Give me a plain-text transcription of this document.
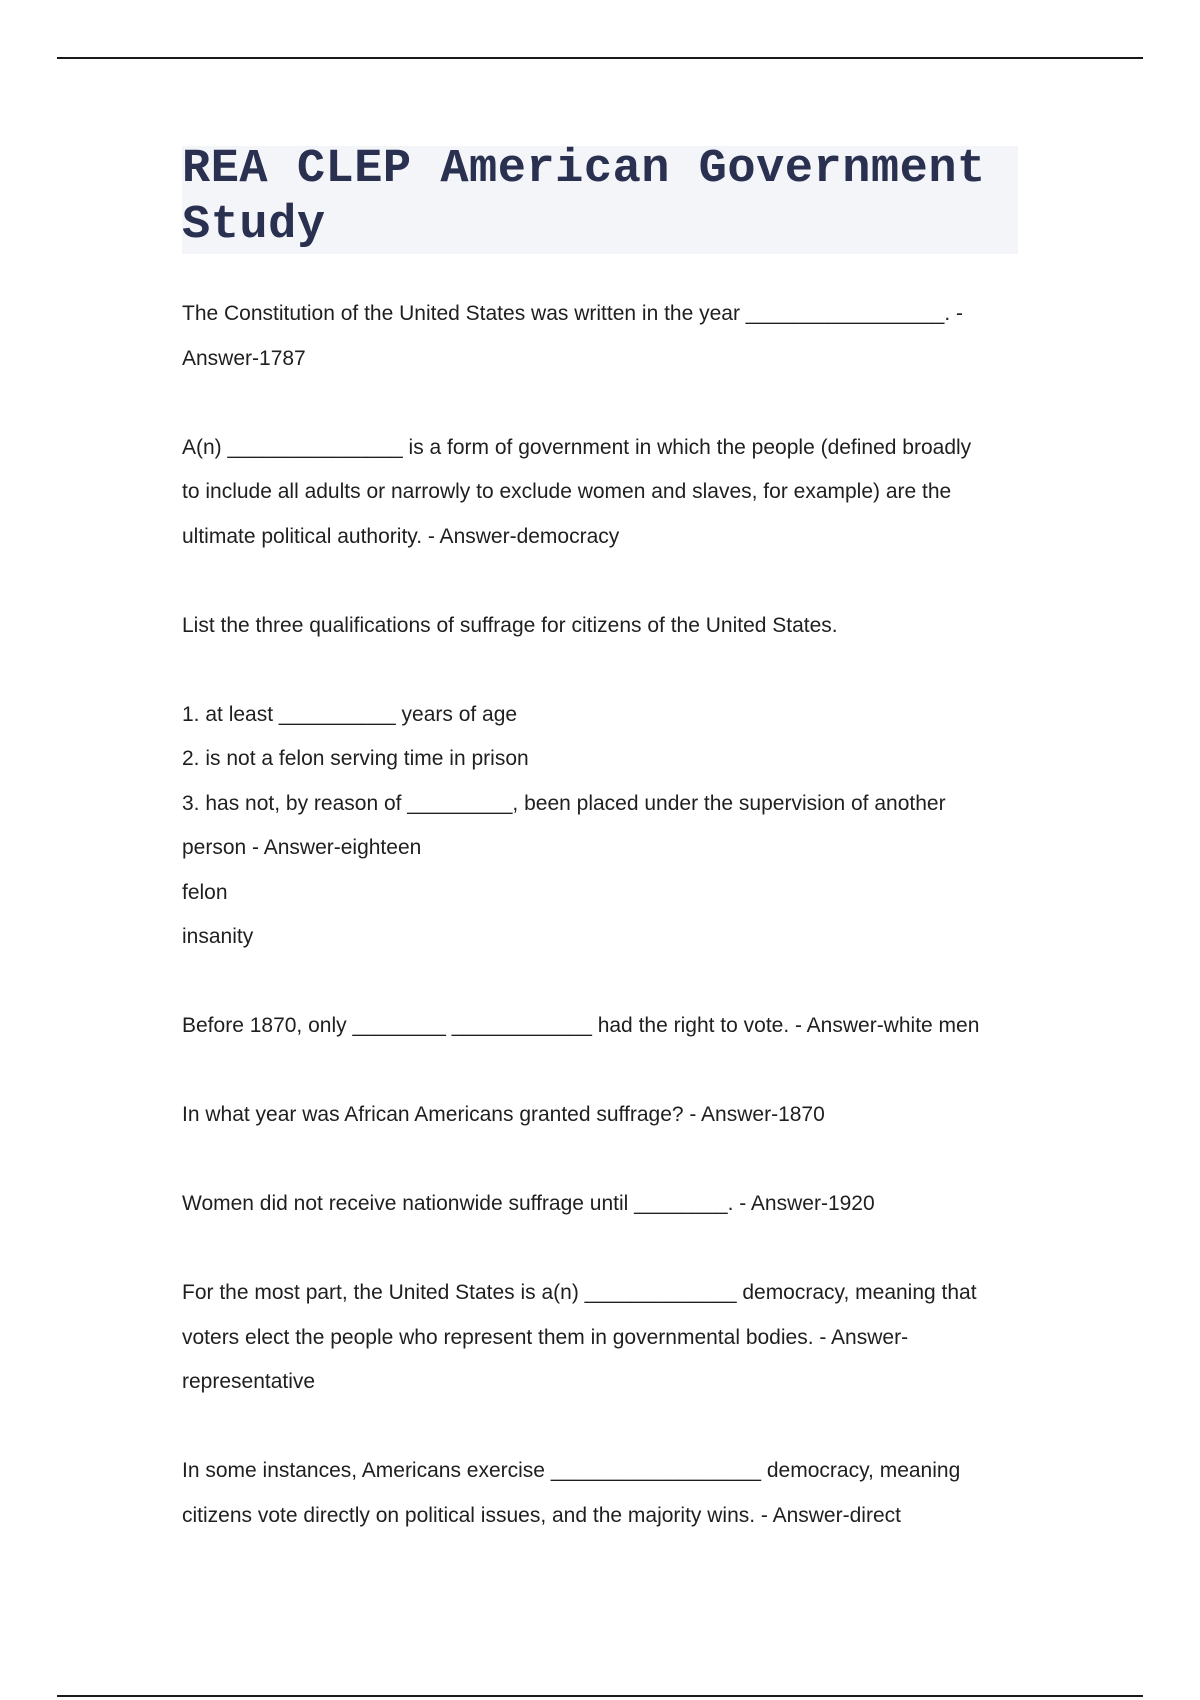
REA CLEP American Government Study
The Constitution of the United States was written in the year _________________. -
Answer-1787
A(n) _______________ is a form of government in which the people (defined broadly
to include all adults or narrowly to exclude women and slaves, for example) are the
ultimate political authority. - Answer-democracy
List the three qualifications of suffrage for citizens of the United States.
1. at least __________ years of age
2. is not a felon serving time in prison
3. has not, by reason of _________, been placed under the supervision of another
person - Answer-eighteen
felon
insanity
Before 1870, only ________ ____________ had the right to vote. - Answer-white men
In what year was African Americans granted suffrage? - Answer-1870
Women did not receive nationwide suffrage until ________. - Answer-1920
For the most part, the United States is a(n) _____________ democracy, meaning that
voters elect the people who represent them in governmental bodies. - Answer-
representative
In some instances, Americans exercise __________________ democracy, meaning
citizens vote directly on political issues, and the majority wins. - Answer-direct
